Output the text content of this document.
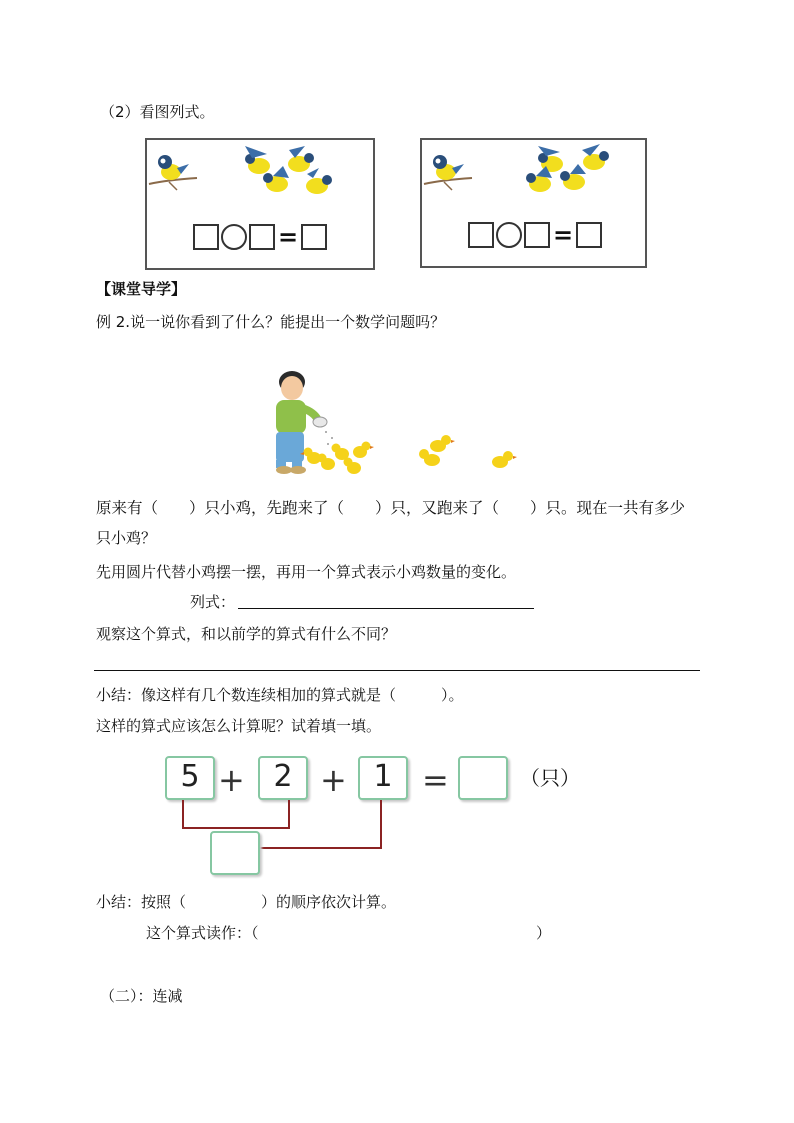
（2）看图列式。
=	=
【课堂导学】
例 2.说一说你看到了什么？能提出一个数学问题吗？
原来有（　　）只小鸡，先跑来了（　　）只，又跑来了（　　）只。现在一共有多少
只小鸡？
先用圆片代替小鸡摆一摆，再用一个算式表示小鸡数量的变化。
列式：
观察这个算式，和以前学的算式有什么不同？
小结：像这样有几个数连续相加的算式就是（　　　）。
这样的算式应该怎么计算呢？试着填一填。
5 + 2 + 1 =	（只）
小结：按照（　　　　　）的顺序依次计算。
这个算式读作：（	）
（二）：连减
